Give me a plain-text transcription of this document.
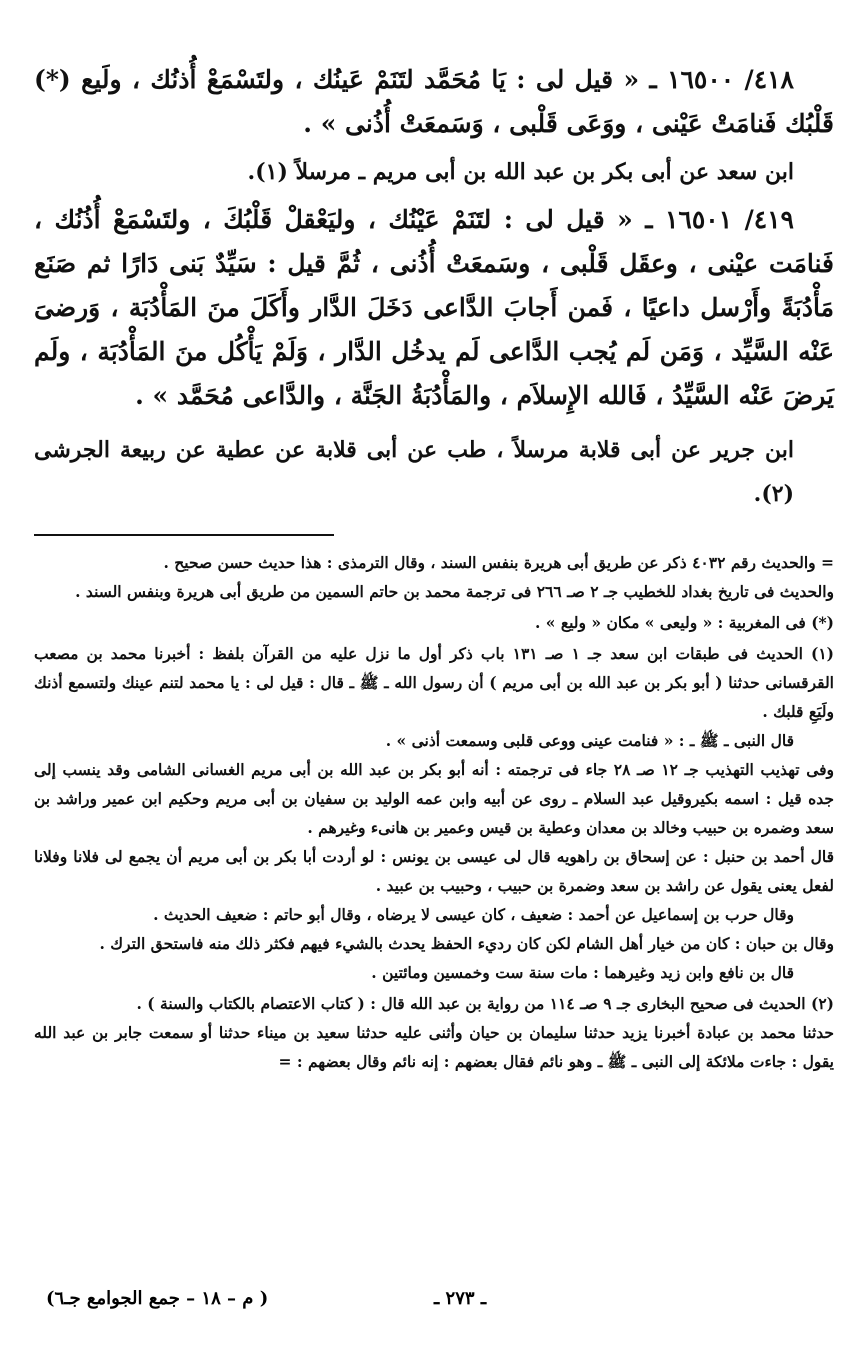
٤١٨/ ١٦٥٠٠ ـ « قيل لى : يَا مُحَمَّد لتَنَمْ عَينُك ، ولتَسْمَعْ أُذنُك ، ولَيع (*) قَلْبُك فَنامَتْ عَيْنى ، ووَعَى قَلْبى ، وَسَمعَتْ أُذُنى » .

ابن سعد عن أبى بكر بن عبد الله بن أبى مريم ـ مرسلاً (١).

٤١٩/ ١٦٥٠١ ـ « قيل لى : لتَنَمْ عَيْنُك ، وليَعْقلْ قَلْبُكَ ، ولتَسْمَعْ أُذُنُك ، فَنامَت عيْنى ، وعقَل قَلْبى ، وسَمعَتْ أُذُنى ، ثُمَّ قيل : سَيِّدٌ بَنى دَارًا ثم صَنَع مَأْدُبَةً وأَرْسل داعيًا ، فَمن أَجابَ الدَّاعى دَخَلَ الدَّار وأَكَلَ منَ المَأْدُبَة ، وَرضىَ عَنْه السَّيِّد ، وَمَن لَم يُجب الدَّاعى لَم يدخُل الدَّار ، وَلَمْ يَأْكُل منَ المَأْدُبَة ، ولَم يَرضَ عَنْه السَّيِّدُ ، فَالله الإِسلاَم ، والمَأْدُبَةُ الجَنَّة ، والدَّاعى مُحَمَّد » .

ابن جرير عن أبى قلابة مرسلاً ، طب عن أبى قلابة عن عطية عن ربيعة الجرشى (٢).

= والحديث رقم ٤٠٣٢ ذكر عن طريق أبى هريرة بنفس السند ، وقال الترمذى : هذا حديث حسن صحيح .

والحديث فى تاريخ بغداد للخطيب جـ ٢ صـ ٢٦٦ فى ترجمة محمد بن حاتم السمين من طريق أبى هريرة وبنفس السند .

(*) فى المغربية : « وليعى » مكان « وليع » .

(١) الحديث فى طبقات ابن سعد جـ ١ صـ ١٣١ باب ذكر أول ما نزل عليه من القرآن بلفظ : أخبرنا محمد بن مصعب القرقسانى حدثنا ( أبو بكر بن عبد الله بن أبى مريم ) أن رسول الله ـ ﷺ ـ قال : قيل لى : يا محمد لتنم عينك ولتسمع أذنك ولَيَعِ قلبك .

قال النبى ـ ﷺ ـ : « فنامت عينى ووعى قلبى وسمعت أذنى » .

وفى تهذيب التهذيب جـ ١٢ صـ ٢٨ جاء فى ترجمته : أنه أبو بكر بن عبد الله بن أبى مريم الغسانى الشامى وقد ينسب إلى جده قيل : اسمه بكيروقيل عبد السلام ـ روى عن أبيه وابن عمه الوليد بن سفيان بن أبى مريم وحكيم ابن عمير وراشد بن سعد وضمره بن حبيب وخالد بن معدان وعطية بن قيس وعمير بن هانىء وغيرهم .

قال أحمد بن حنبل : عن إسحاق بن راهويه قال لى عيسى بن يونس : لو أردت أبا بكر بن أبى مريم أن يجمع لى فلانا وفلانا لفعل يعنى يقول عن راشد بن سعد وضمرة بن حبيب ، وحبيب بن عبيد .

وقال حرب بن إسماعيل عن أحمد : ضعيف ، كان عيسى لا يرضاه ، وقال أبو حاتم : ضعيف الحديث .

وقال بن حبان : كان من خيار أهل الشام لكن كان رديء الحفظ يحدث بالشيء فيهم فكثر ذلك منه فاستحق الترك .

قال بن نافع وابن زيد وغيرهما : مات سنة ست وخمسين ومائتين .

(٢) الحديث فى صحيح البخارى جـ ٩ صـ ١١٤ من رواية بن عبد الله قال : ( كتاب الاعتصام بالكتاب والسنة ) .

حدثنا محمد بن عبادة أخبرنا يزيد حدثنا سليمان بن حيان وأثنى عليه حدثنا سعيد بن ميناء حدثنا أو سمعت جابر بن عبد الله يقول : جاءت ملائكة إلى النبى ـ ﷺ ـ وهو نائم فقال بعضهم : إنه نائم وقال بعضهم : =

ـ ٢٧٣ ـ
( م – ١٨ – جمع الجوامع جـ٦)
